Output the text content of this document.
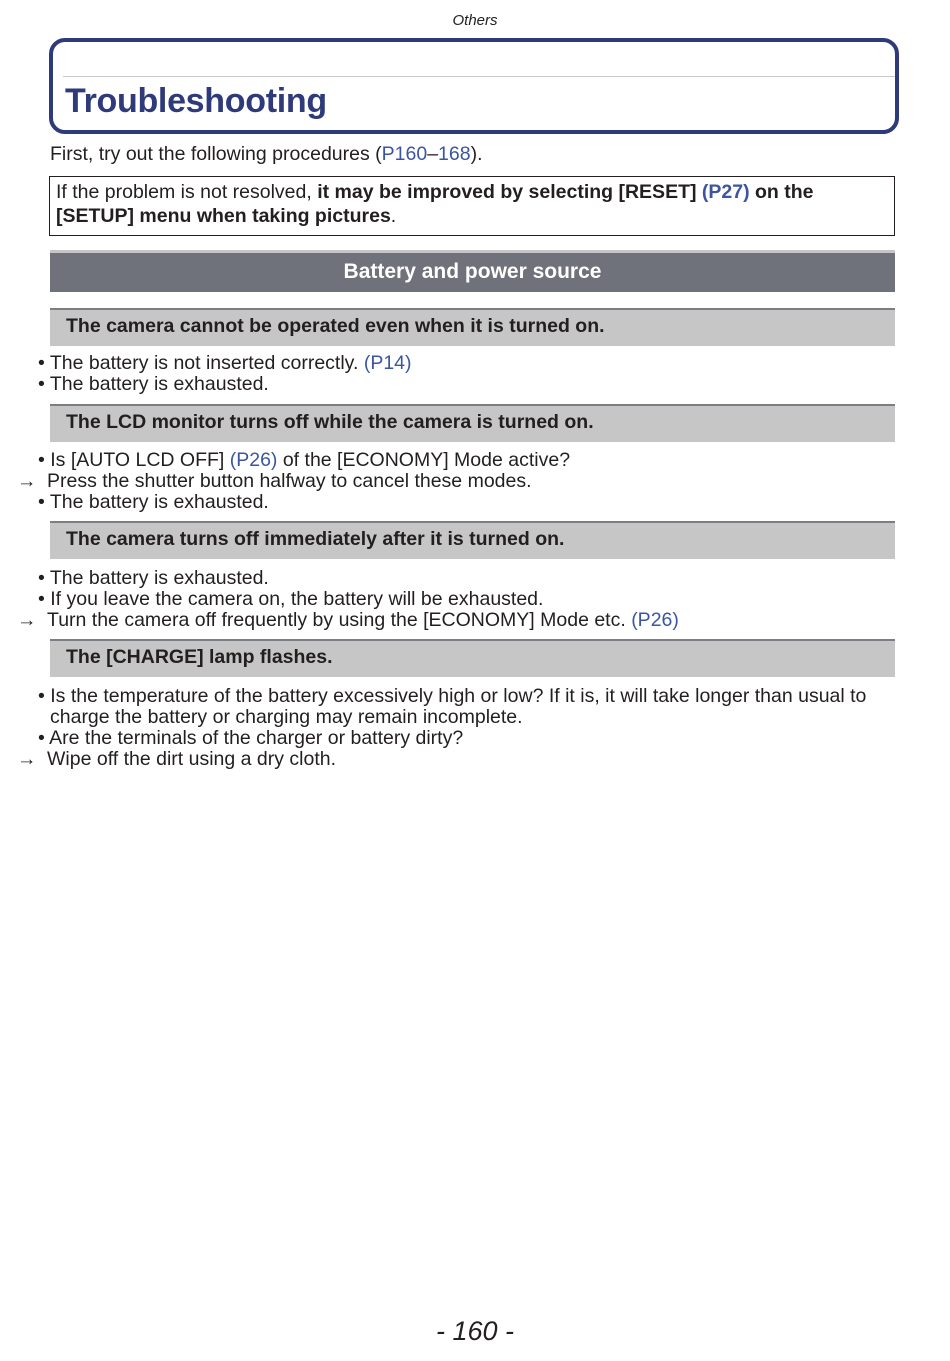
Others
Troubleshooting

First, try out the following procedures (P160–168).

If the problem is not resolved, it may be improved by selecting [RESET] (P27) on the [SETUP] menu when taking pictures.
Battery and power source
The camera cannot be operated even when it is turned on.
• The battery is not inserted correctly. (P14)
• The battery is exhausted.
The LCD monitor turns off while the camera is turned on.
• Is [AUTO LCD OFF] (P26) of the [ECONOMY] Mode active?
→ Press the shutter button halfway to cancel these modes.
• The battery is exhausted.
The camera turns off immediately after it is turned on.
• The battery is exhausted.
• If you leave the camera on, the battery will be exhausted.
→ Turn the camera off frequently by using the [ECONOMY] Mode etc. (P26)
The [CHARGE] lamp flashes.
• Is the temperature of the battery excessively high or low? If it is, it will take longer than usual to charge the battery or charging may remain incomplete.
• Are the terminals of the charger or battery dirty?
→ Wipe off the dirt using a dry cloth.
- 160 -
